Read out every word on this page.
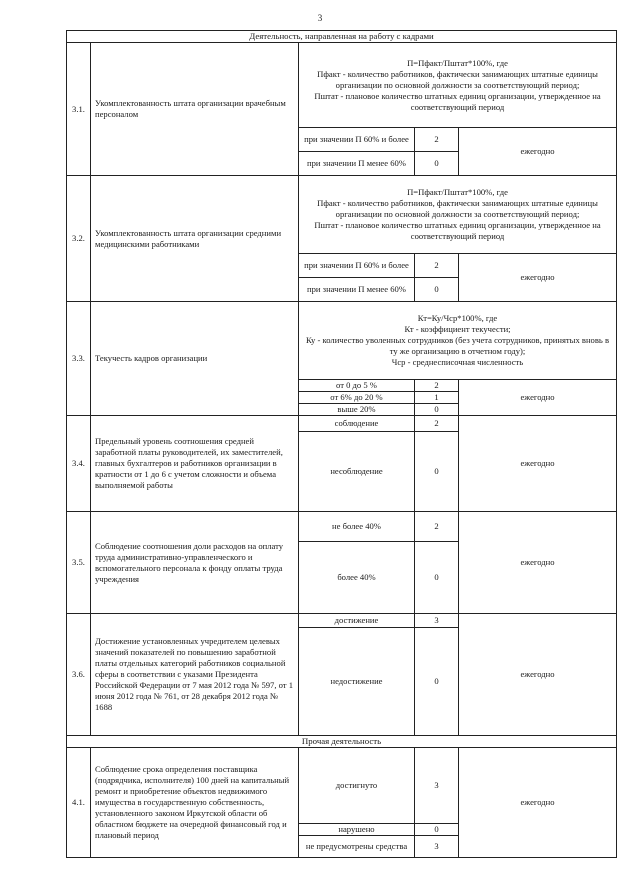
3
Деятельность, направленная на работу с кадрами				
3.1.	Укомплектованность штата организации врачебным персоналом	П=Пфакт/Пштат*100%, где
Пфакт - количество работников, фактически занимающих штатные единицы организации по основной должности за соответствующий период;
Пштат - плановое количество штатных единиц организации, утвержденное на соответствующий период		

		при значении П 60% и более	2	ежегодно
		при значении П менее 60%	0	
3.2.	Укомплектованность штата организации средними медицинскими работниками	П=Пфакт/Пштат*100%, где
Пфакт - количество работников, фактически занимающих штатные единицы организации по основной должности за соответствующий период;
Пштат - плановое количество штатных единиц организации, утвержденное на соответствующий период		

		при значении П 60% и более	2	ежегодно
		при значении П менее 60%	0	
3.3.	Текучесть кадров организации	Кт=Ку/Чср*100%, где
Кт - коэффициент текучести;
Ку - количество уволенных сотрудников (без учета сотрудников, принятых вновь в ту же организацию в отчетном году);
Чср - среднесписочная численность		

		от 0 до 5 %	2	ежегодно
		от 6% до 20 %	1	
		выше 20%	0	
3.4.	Предельный уровень соотношения средней заработной платы руководителей, их заместителей, главных бухгалтеров и работников организации в кратности от 1 до 6 с учетом сложности и объема выполняемой работы	соблюдение	2	ежегодно
		несоблюдение	0	
3.5.	Соблюдение соотношения доли расходов на оплату труда административно-управленческого и вспомогательного персонала к фонду оплаты труда учреждения	не более 40%	2	ежегодно
		более 40%	0	
3.6.	Достижение установленных учредителем целевых значений показателей по повышению заработной платы отдельных категорий работников социальной сферы в соответствии с указами Президента Российской Федерации от 7 мая 2012 года № 597, от 1 июня 2012 года № 761, от 28 декабря 2012 года № 1688	достижение	3	ежегодно
		недостижение	0	
Прочая деятельность				
4.1.	Соблюдение срока определения поставщика (подрядчика, исполнителя) 100 дней на капитальный ремонт и приобретение объектов недвижимого имущества в государственную собственность, установленного законом Иркутской области об областном бюджете на очередной финансовый год и плановый период	достигнуто	3	ежегодно
		нарушено	0	
		не предусмотрены средства	3	
